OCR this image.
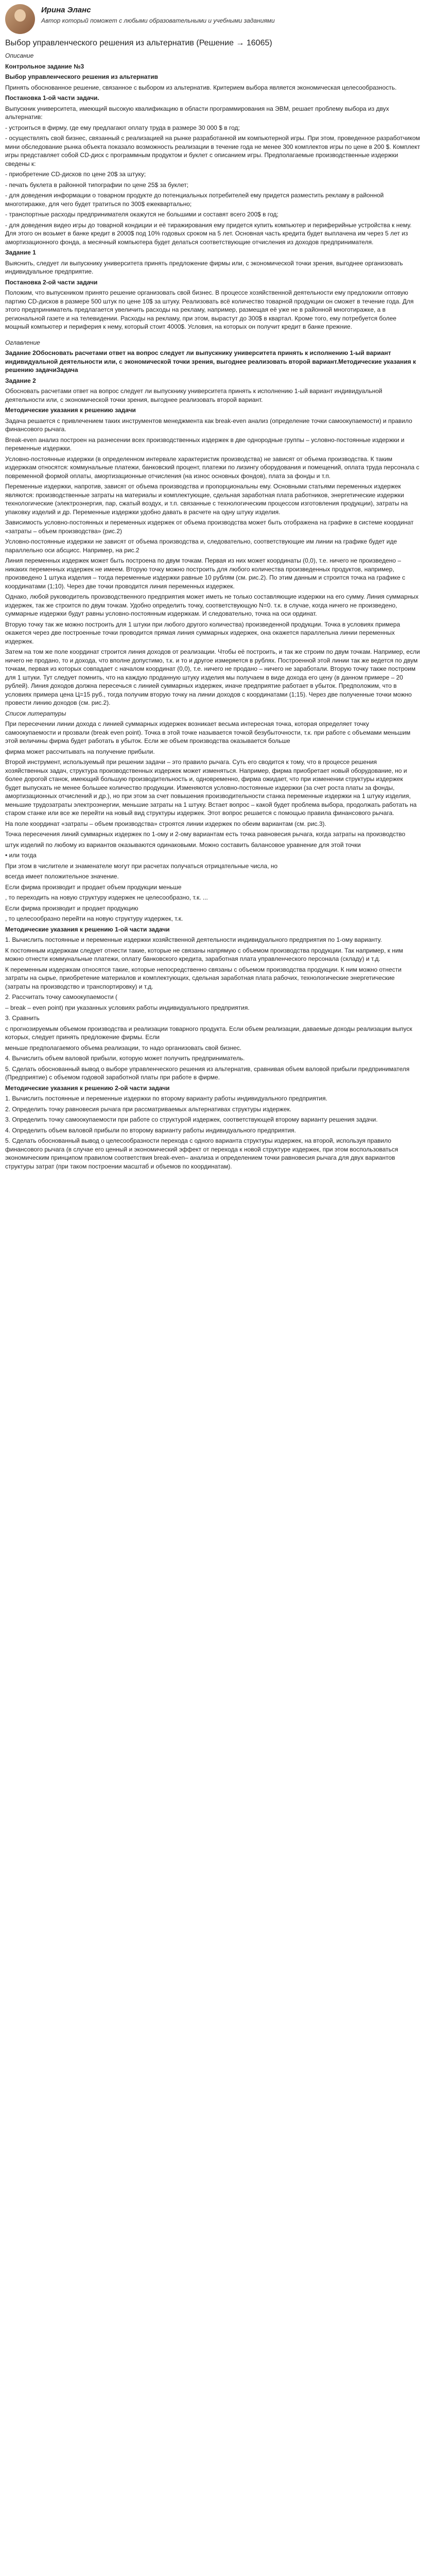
Ирина Эланс
Автор который поможет с любыми образовательными и учебными заданиями
Выбор управленческого решения из альтернатив (Решение → 16065)
Описание
Контрольное задание №3
Выбор управленческого решения из альтернатив
Принять обоснованное решение, связанное с выбором из альтернатив. Критерием выбора является экономическая целесообразность.
Постановка 1-ой части задачи.
Выпускник университета, имеющий высокую квалификацию в области программирования на ЭВМ, решает проблему выбора из двух альтернатив:
- устроиться в фирму, где ему предлагают оплату труда в размере 30 000 $ в год;
- осуществлять свой бизнес, связанный с реализацией на рынке разработанной им компьютерной игры. При этом, проведенное разработчиком мини обследование рынка объекта показало возможность реализации в течение года не менее 300 комплектов игры по цене в 200 $. Комплект игры представляет собой CD-диск с программным продуктом и буклет с описанием игры. Предполагаемые производственные издержки сведены к:
- приобретение CD-дисков по цене 20$ за штуку;
- печать буклета в районной типографии по цене 25$ за буклет;
- для доведения информации о товарном продукте до потенциальных потребителей ему придется разместить рекламу в районной многотиражке, для чего будет тратиться по 300$ ежеквартально;
- транспортные расходы предпринимателя окажутся не большими и составят всего 200$ в год;
- для доведения видео игры до товарной кондиции и её тиражирования ему придется купить компьютер и периферийные устройства к нему. Для этого он возьмет в банке кредит в 2000$ под 10% годовых сроком на 5 лет. Основная часть кредита будет выплачена им через 5 лет из амортизационного фонда, а месячный компьютера будет делаться соответствующие отчисления из доходов предпринимателя.
Задание 1
Выяснить, следует ли выпускнику университета принять предложение фирмы или, с экономической точки зрения, выгоднее организовать индивидуальное предприятие.
Постановка 2-ой части задачи
Положим, что выпускником принято решение организовать свой бизнес. В процессе хозяйственной деятельности ему предложили оптовую партию CD-дисков в размере 500 штук по цене 10$ за штуку. Реализовать всё количество товарной продукции он сможет в течение года. Для этого предприниматель предлагается увеличить расходы на рекламу, например, размещая её уже не в районной многотиражке, а в региональной газете и на телевидении. Расходы на рекламу, при этом, вырастут до 300$ в квартал. Кроме того, ему потребуется более мощный компьютер и периферия к нему, который стоит 4000$. Условия, на которых он получит кредит в банке прежние.
Оглавление
Задание 2Обосновать расчетами ответ на вопрос следует ли выпускнику университета принять к исполнению 1-ый вариант индивидуальной деятельности или, с экономической точки зрения, выгоднее реализовать второй вариант.Методические указания к решению задачиЗадача
Задание 2
Обосновать расчетами ответ на вопрос следует ли выпускнику университета принять к исполнению 1-ый вариант индивидуальной деятельности или, с экономической точки зрения, выгоднее реализовать второй вариант.
Методические указания к решению задачи
Задача решается с привлечением таких инструментов менеджмента как break-even анализ (определение точки самоокупаемости) и правило финансового рычага.
Break-even анализ построен на разнесении всех производственных издержек в две однородные группы – условно-постоянные издержки и переменные издержки.
Условно-постоянные издержки (в определенном интервале характеристик производства) не зависят от объема производства. К таким издержкам относятся: коммунальные платежи, банковский процент, платежи по лизингу оборудования и помещений, оплата труда персонала с повременной формой оплаты, амортизационные отчисления (на износ основных фондов), плата за фонды и т.п.
Переменные издержки, напротив, зависят от объема производства и пропорциональны ему. Основными статьями переменных издержек являются: производственные затраты на материалы и комплектующие, сдельная заработная плата работников, энергетические издержки технологические (электроэнергия, пар, сжатый воздух, и т.п. связанные с технологическим процессом изготовления продукции), затраты на упаковку изделий и др. Переменные издержки удобно давать в расчете на одну штуку изделия.
Зависимость условно-постоянных и переменных издержек от объема производства может быть отображена на графике в системе координат «затраты – объем производства» (рис.2)
Условно-постоянные издержки не зависят от объема производства и, следовательно, соответствующие им линии на графике будет иде параллельно оси абсцисс. Например, на рис.2
Линия переменных издержек может быть построена по двум точкам. Первая из них может координаты (0,0), т.е. ничего не произведено – никаких переменных издержек не имеем. Вторую точку можно построить для любого количества произведенных продуктов, например, произведено 1 штука изделия – тогда переменные издержки равные 10 рублям (см. рис.2). По этим данным и строится точка на графике с координатами (1;10). Через две точки проводится линия переменных издержек.
Однако, любой руководитель производственного предприятия может иметь не только составляющие издержки на его сумму. Линия суммарных издержек, так же строится по двум точкам. Удобно определить точку, соответствующую N=0. т.к. в случае, когда ничего не произведено, суммарные издержки будут равны условно-постоянным издержкам. И следовательно, точка на оси ординат.
Вторую точку так же можно построить для 1 штуки при любого другого количества) произведенной продукции. Точка в условиях примера окажется через две построенные точки проводится прямая линия суммарных издержек, она окажется параллельна линии переменных издержек.
Затем на том же поле координат строится линия доходов от реализации. Чтобы её построить, и так же строим по двум точкам. Например, если ничего не продано, то и дохода, что вполне допустимо, т.к. и то и другое измеряется в рублях. Построенной этой линии так же ведется по двум точкам, первая из которых совпадает с началом координат (0,0), т.е. ничего не продано – ничего не заработали. Вторую точку также построим для 1 штуки. Тут следует помнить, что на каждую проданную штуку изделия мы получаем в виде дохода его цену (в данном примере – 20 рублей). Линия доходов должна пересечься с линией суммарных издержек, иначе предприятие работает в убыток. Предположим, что в условиях примера цена Ц=15 руб., тогда получим вторую точку на линии доходов с координатами (1;15). Через две полученные точки можно провести линию доходов (см. рис.2).
Список литературы
При пересечении линии дохода с линией суммарных издержек возникает весьма интересная точка, которая определяет точку самоокупаемости и прозвали (break even point). Точка в этой точке называется точкой безубыточности, т.к. при работе с объемами меньшим этой величины фирма будет работать в убыток. Если же объем производства оказывается больше
фирма может рассчитывать на получение прибыли.
Второй инструмент, используемый при решении задачи – это правило рычага. Суть его сводится к тому, что в процессе решения хозяйственных задач, структура производственных издержек может изменяться. Например, фирма приобретает новый оборудование, но и более дорогой станок, имеющий большую производительность и, одновременно, фирма ожидает, что при изменении структуры издержек будет выпускать не менее большее количество продукции. Изменяются условно-постоянные издержки (за счет роста платы за фонды, амортизационных отчислений и др.), но при этом за счет повышения производительности станка переменные издержки на 1 штуку изделия, меньшие трудозатраты электроэнергии, меньшие затраты на 1 штуку. Встает вопрос – какой будет проблема выбора, продолжать работать на старом станке или все же перейти на новый вид структуры издержек. Этот вопрос решается с помощью правила финансового рычага.
На поле координат «затраты – объем производства» строятся линии издержек по обеим вариантам (см. рис.3).
Точка пересечения линий суммарных издержек по 1-ому и 2-ому вариантам есть точка равновесия рычага, когда затраты на производство
штук изделий по любому из вариантов оказываются одинаковыми. Можно составить балансовое уравнение для этой точки
• или тогда
При этом в числителе и знаменателе могут при расчетах получаться отрицательные числа, но
всегда имеет положительное значение.
Если фирма производит и продает объем продукции меньше
, то переходить на новую структуру издержек не целесообразно, т.к. ...
Если фирма производит и продает продукцию
, то целесообразно перейти на новую структуру издержек, т.к.
Методические указания к решению 1-ой части задачи
1. Вычислить постоянные и переменные издержки хозяйственной деятельности индивидуального предприятия по 1-ому варианту.
К постоянным издержкам следует отнести такие, которые не связаны напрямую с объемом производства продукции. Так например, к ним можно отнести коммунальные платежи, оплату банковского кредита, заработная плата управленческого персонала (складу) и т.д.
К переменным издержкам относятся такие, которые непосредственно связаны с объемом производства продукции. К ним можно отнести затраты на сырье, приобретение материалов и комплектующих, сдельная заработная плата рабочих, технологические энергетические (затраты на производство и транспортировку) и т.д.
2. Рассчитать точку самоокупаемости (
– break – even point) при указанных условиях работы индивидуального предприятия.
3. Сравнить
с прогнозируемым объемом производства и реализации товарного продукта. Если объем реализации, даваемые доходы реализации выпуск которых, следует принять предложение фирмы. Если
меньше предполагаемого объема реализации, то надо организовать свой бизнес.
4. Вычислить объем валовой прибыли, которую может получить предприниматель.
5. Сделать обоснованный вывод о выборе управленческого решения из альтернатив, сравнивая объем валовой прибыли предпринимателя (Предприятие) с объемом годовой заработной платы при работе в фирме.
Методические указания к решению 2-ой части задачи
1. Вычислить постоянные и переменные издержки по второму варианту работы индивидуального предприятия.
2. Определить точку равновесия рычага при рассматриваемых альтернативах структуры издержек.
3. Определить точку самоокупаемости при работе со структурой издержек, соответствующей второму варианту решения задачи.
4. Определить объем валовой прибыли по второму варианту работы индивидуального предприятия.
5. Сделать обоснованный вывод о целесообразности перехода с одного варианта структуры издержек, на второй, используя правило финансового рычага (в случае его ценный и экономический эффект от перехода к новой структуре издержек, при этом воспользоваться экономическим принципом правилом соответствия break-even– анализа и определением точки равновесия рычага для двух вариантов структуры затрат (при таком построении масштаб и объемов по координатам).
